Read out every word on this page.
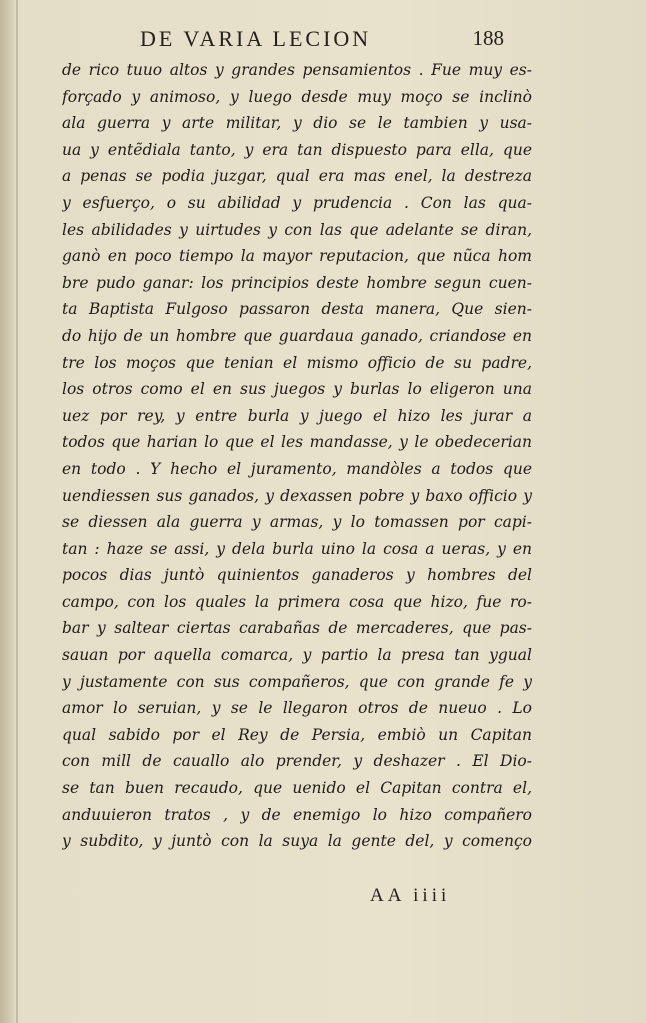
DE VARIA LECION	188
de rico tuuo altos y grandes pensamientos . Fue muy es-
forçado y animoso, y luego desde muy moço se inclinò
ala guerra y arte militar, y dio se le tambien y usa-
ua y entẽdiala tanto, y era tan dispuesto para ella, que
a penas se podia juzgar, qual era mas enel, la destreza
y esfuerço, o su abilidad y prudencia . Con las qua-
les abilidades y uirtudes y con las que adelante se diran,
ganò en poco tiempo la mayor reputacion, que nũca hom
bre pudo ganar: los principios deste hombre segun cuen-
ta Baptista Fulgoso passaron desta manera, Que sien-
do hijo de un hombre que guardaua ganado, criandose en
tre los moços que tenian el mismo officio de su padre,
los otros como el en sus juegos y burlas lo eligeron una
uez por rey, y entre burla y juego el hizo les jurar a
todos que harian lo que el les mandasse, y le obedecerian
en todo . Y hecho el juramento, mandòles a todos que
uendiessen sus ganados, y dexassen pobre y baxo officio y
se diessen ala guerra y armas, y lo tomassen por capi-
tan : haze se assi, y dela burla uino la cosa a ueras, y en
pocos dias juntò quinientos ganaderos y hombres del
campo, con los quales la primera cosa que hizo, fue ro-
bar y saltear ciertas carabañas de mercaderes, que pas-
sauan por aquella comarca, y partio la presa tan ygual
y justamente con sus compañeros, que con grande fe y
amor lo seruian, y se le llegaron otros de nueuo . Lo
qual sabido por el Rey de Persia, embiò un Capitan
con mill de cauallo alo prender, y deshazer . El Dio-
se tan buen recaudo, que uenido el Capitan contra el,
anduuieron tratos , y de enemigo lo hizo compañero
y subdito, y juntò con la suya la gente del, y començo
AA iiii
